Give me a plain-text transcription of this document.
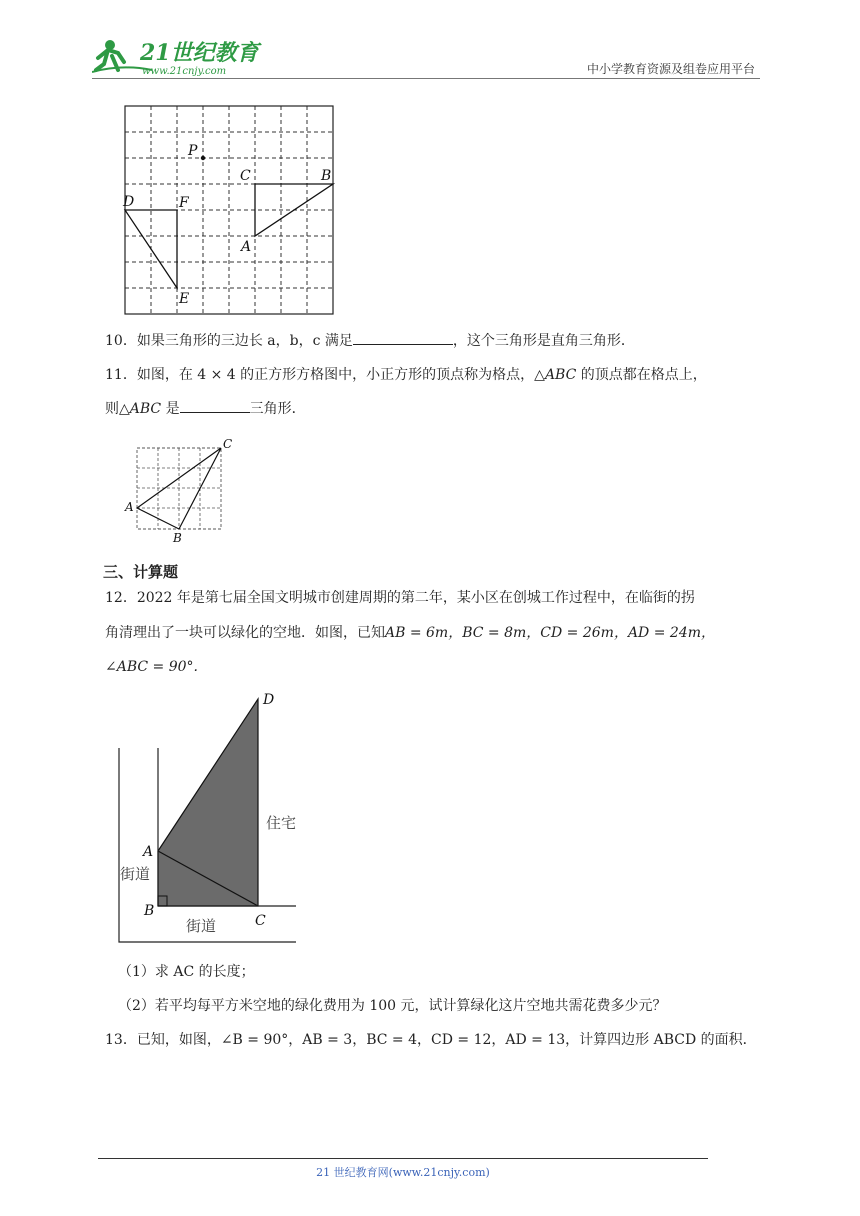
21世纪教育
www.21cnjy.com	中小学教育资源及组卷应用平台
P
C	B
D	F
A
E
10．如果三角形的三边长 a，b，c 满足	，这个三角形是直角三角形．
11．如图，在 4 × 4 的正方形方格图中，小正方形的顶点称为格点，△ABC 的顶点都在格点上，
则△ABC 是	三角形．
C
A
B
三、计算题
12．2022 年是第七届全国文明城市创建周期的第二年，某小区在创城工作过程中，在临街的拐
角清理出了一块可以绿化的空地．如图，已知AB = 6m，BC = 8m，CD = 26m，AD = 24m，
∠ABC = 90°.
D
A
B
C
住宅
街道
街道
（1）求 AC 的长度；
（2）若平均每平方米空地的绿化费用为 100 元，试计算绿化这片空地共需花费多少元？
13．已知，如图，∠B = 90°，AB = 3，BC = 4，CD = 12，AD = 13，计算四边形 ABCD 的面积．
21 世纪教育网(www.21cnjy.com)
